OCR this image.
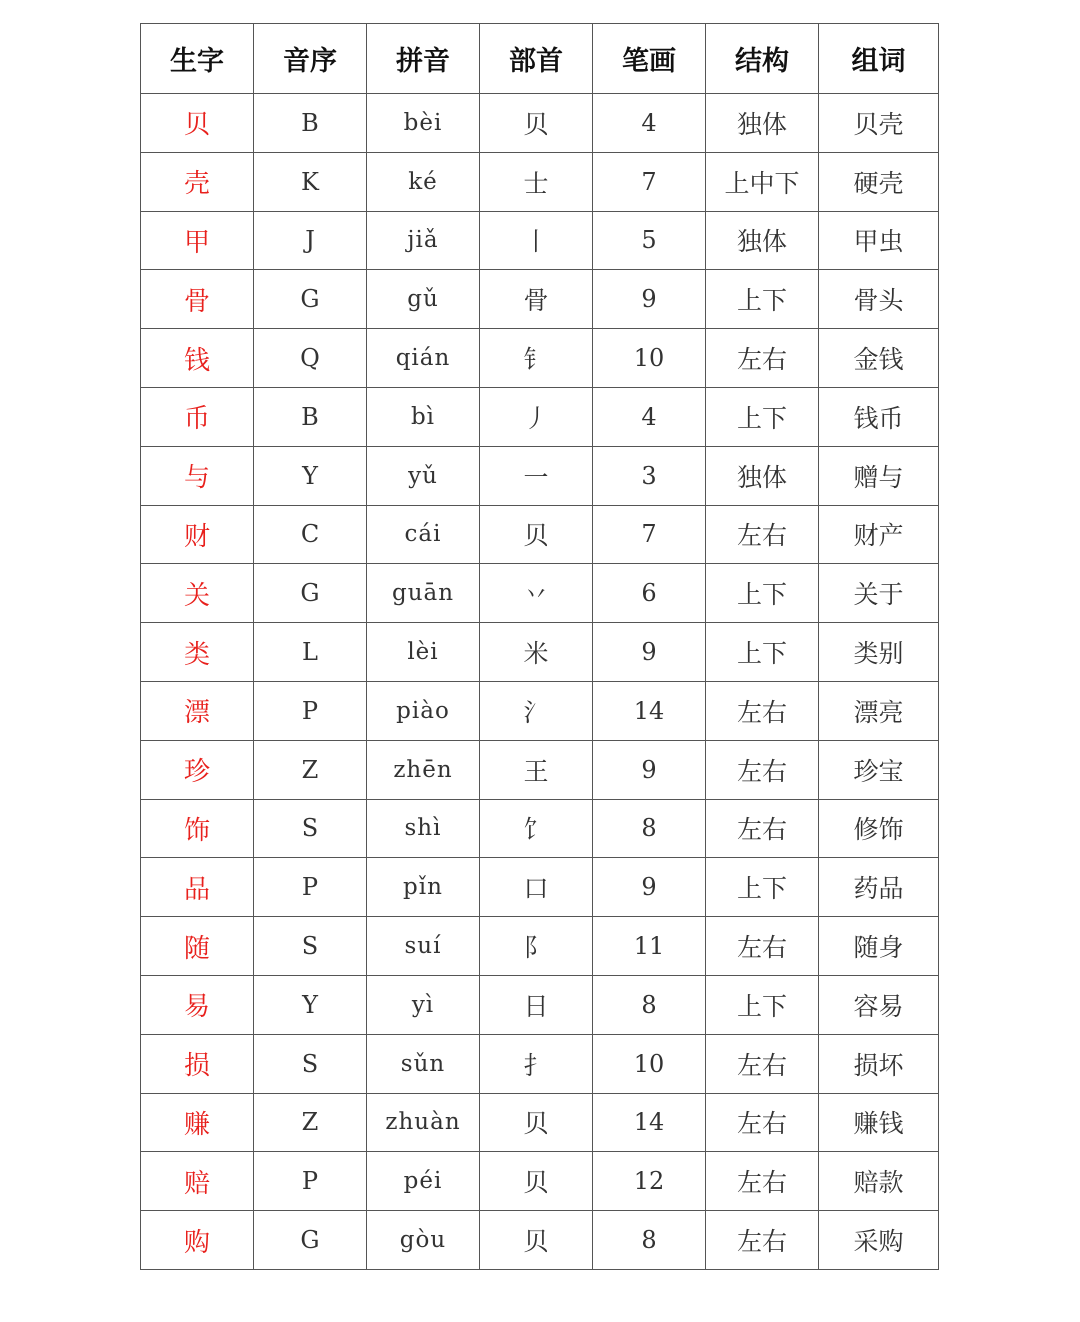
生字	音序	拼音	部首	笔画	结构	组词
贝	B	bèi	贝	4	独体	贝壳
壳	K	ké	士	7	上中下	硬壳
甲	J	jiǎ	丨	5	独体	甲虫
骨	G	gǔ	骨	9	上下	骨头
钱	Q	qián	钅	10	左右	金钱
币	B	bì	丿	4	上下	钱币
与	Y	yǔ	一	3	独体	赠与
财	C	cái	贝	7	左右	财产
关	G	guān	丷	6	上下	关于
类	L	lèi	米	9	上下	类别
漂	P	piào	氵	14	左右	漂亮
珍	Z	zhēn	王	9	左右	珍宝
饰	S	shì	饣	8	左右	修饰
品	P	pǐn	口	9	上下	药品
随	S	suí	阝	11	左右	随身
易	Y	yì	日	8	上下	容易
损	S	sǔn	扌	10	左右	损坏
赚	Z	zhuàn	贝	14	左右	赚钱
赔	P	péi	贝	12	左右	赔款
购	G	gòu	贝	8	左右	采购
